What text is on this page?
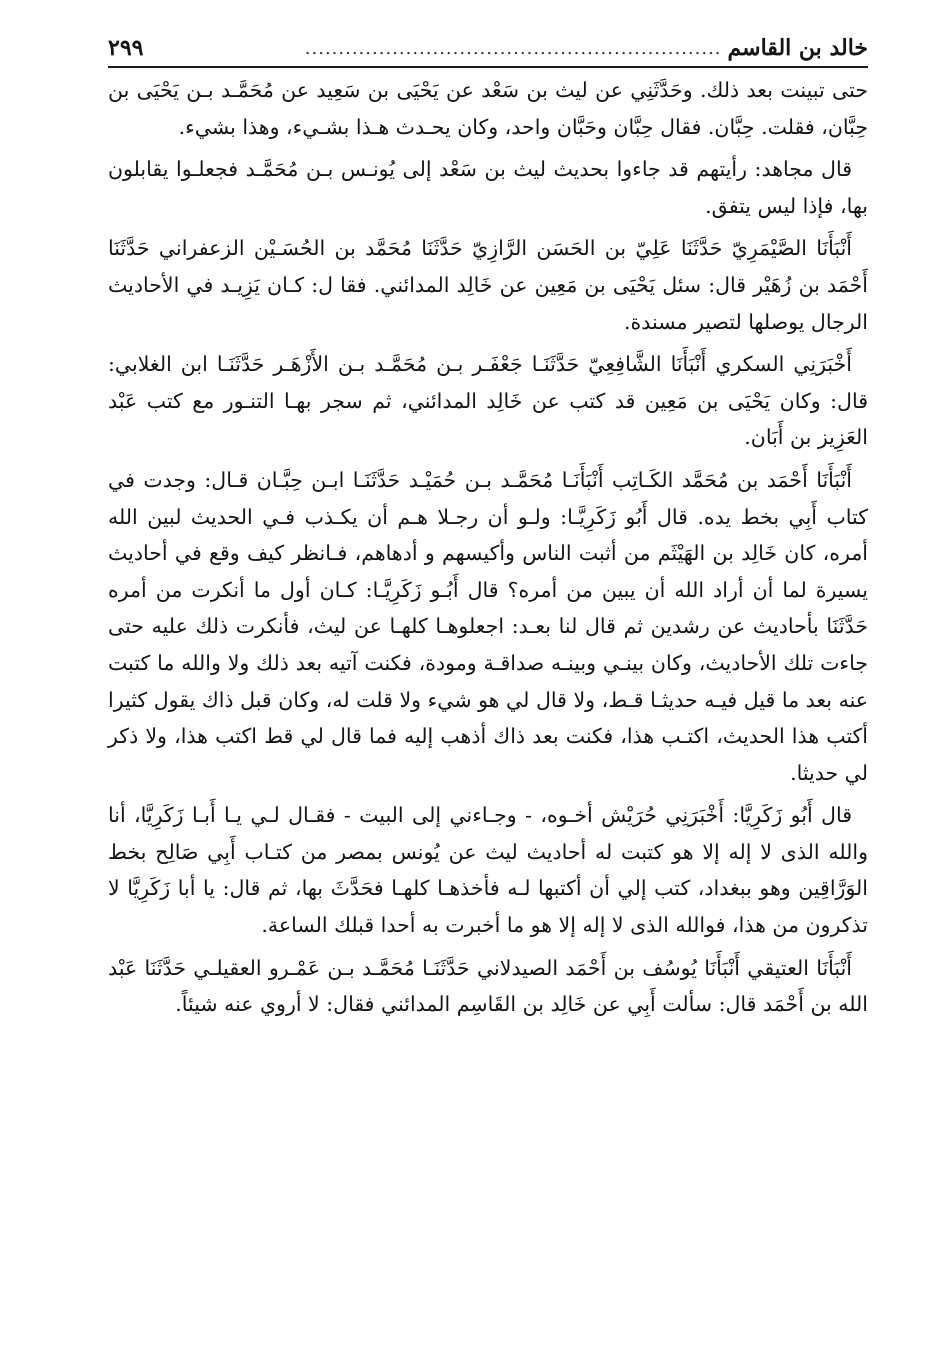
خالد بن القاسم
..............................................................
٢٩٩

حتى تبينت بعد ذلك. وحَدَّثَنِي عن ليث بن سَعْد عن يَحْيَى بن سَعِيد عن مُحَمَّـد بـن يَحْيَى بن حِبَّان، فقلت. حِبَّان. فقال حِبَّان وحَبَّان واحد، وكان يحـدث هـذا بشـيء، وهذا بشيء.

قال مجاهد: رأيتهم قد جاءوا بحديث ليث بن سَعْد إلى يُونـس بـن مُحَمَّـد فجعلـوا يقابلون بها، فإذا ليس يتفق.

أَنْبَأَنَا الصَّيْمَرِيّ حَدَّثَنَا عَلِيّ بن الحَسَن الرَّازِيّ حَدَّثَنَا مُحَمَّد بن الحُسَـيْن الزعفراني حَدَّثَنَا أَحْمَد بن زُهَيْر قال: سئل يَحْيَى بن مَعِين عن خَالِد المدائني. فقا ل: كـان يَزِيـد في الأحاديث الرجال يوصلها لتصير مسندة.

أَخْبَرَنِي السكري أَنْبَأَنَا الشَّافِعِيّ حَدَّثَنَـا جَعْفَـر بـن مُحَمَّـد بـن الأَزْهَـر حَدَّثَنَـا ابن الغلابي: قال: وكان يَحْيَى بن مَعِين قد كتب عن خَالِد المدائني، ثم سجر بهـا التنـور مع كتب عَبْد العَزِيز بن أَبَان.

أَنْبَأَنَا أَحْمَد بن مُحَمَّد الكَـاتِب أَنْبَأَنَـا مُحَمَّـد بـن حُمَيْـد حَدَّثَنَـا ابـن حِبَّـان قـال: وجدت في كتاب أَبِي بخط يده. قال أَبُو زَكَرِيَّـا: ولـو أن رجـلا هـم أن يكـذب فـي الحديث لبين الله أمره، كان خَالِد بن الهَيْثَم من أثبت الناس وأكيسهم و أدهاهم، فـانظر كيف وقع في أحاديث يسيرة لما أن أراد الله أن يبين من أمره؟ قال أَبُـو زَكَرِيَّـا: كـان أول ما أنكرت من أمره حَدَّثَنَا بأحاديث عن رشدين ثم قال لنا بعـد: اجعلوهـا كلهـا عن ليث، فأنكرت ذلك عليه حتى جاءت تلك الأحاديث، وكان بينـي وبينـه صداقـة ومودة، فكنت آتيه بعد ذلك ولا والله ما كتبت عنه بعد ما قيل فيـه حديثـا قـط، ولا قال لي هو شيء ولا قلت له، وكان قبل ذاك يقول كثيرا أكتب هذا الحديث، اكتـب هذا، فكنت بعد ذاك أذهب إليه فما قال لي قط اكتب هذا، ولا ذكر لي حديثا.

قال أَبُو زَكَرِيَّا: أَخْبَرَنِي حُرَيْش أخـوه، - وجـاءني إلى البيت - فقـال لـي يـا أَبـا زَكَرِيَّا، أنا والله الذى لا إله إلا هو كتبت له أحاديث ليث عن يُونس بمصر من كتـاب أَبِي صَالِح بخط الوَرَّاقِين وهو ببغداد، كتب إلي أن أكتبها لـه فأخذهـا كلهـا فحَدَّثَ بها، ثم قال: يا أبا زَكَرِيَّا لا تذكرون من هذا، فوالله الذى لا إله إلا هو ما أخبرت به أحدا قبلك الساعة.

أَنْبَأَنَا العتيقي أَنْبَأَنَا يُوسُف بن أَحْمَد الصيدلاني حَدَّثَنَـا مُحَمَّـد بـن عَمْـرو العقيلـي حَدَّثَنَا عَبْد الله بن أَحْمَد قال: سألت أَبِي عن خَالِد بن القَاسِم المدائني فقال: لا أروي عنه شيئاً.
